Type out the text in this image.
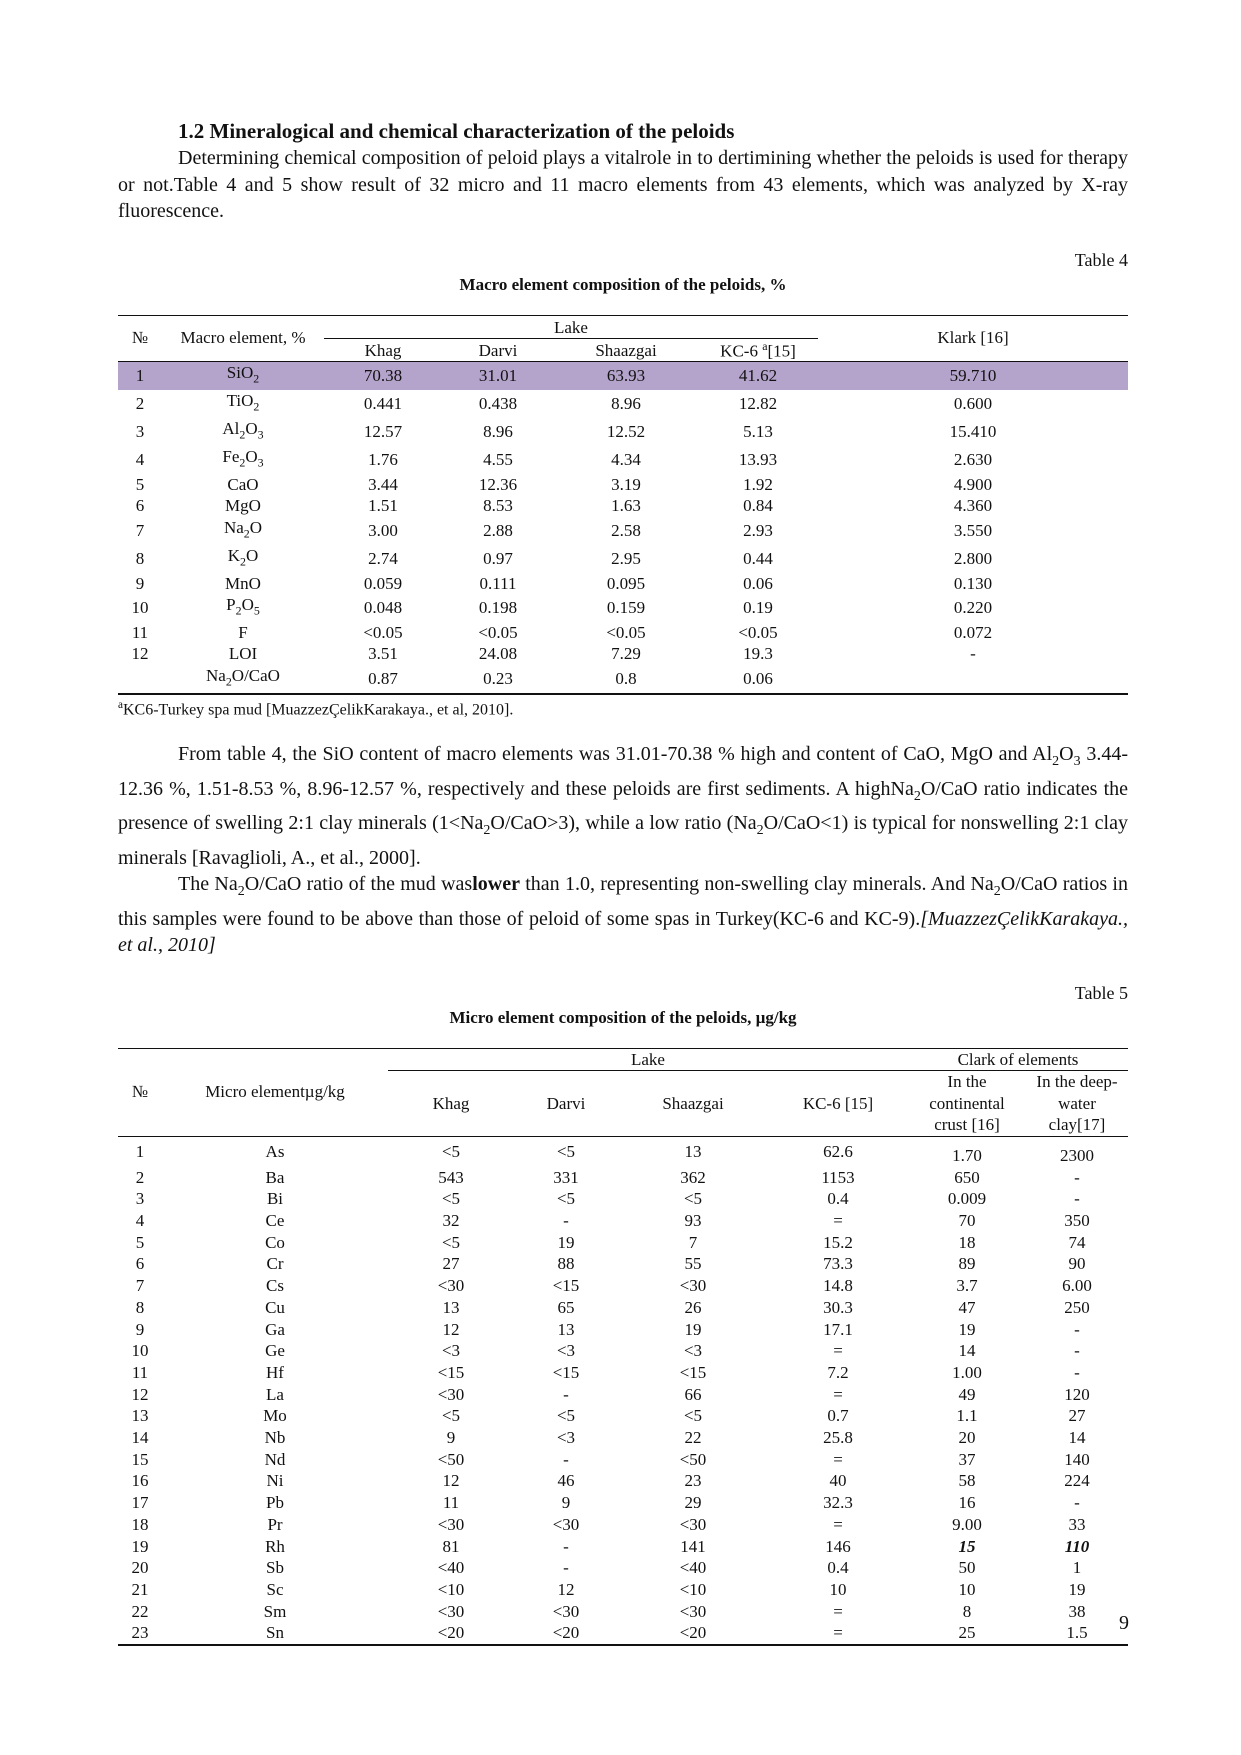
1.2 Mineralogical and chemical characterization of the peloids

Determining chemical composition of peloid plays a vitalrole in to dertimining whether the peloids is used for therapy or not.Table 4 and 5 show result of 32 micro and 11 macro elements from 43 elements, which was analyzed by X-ray fluorescence.

Table 4
Macro element composition of the peloids, %
№	Macro element, %	Lake				Klark [16]
		Khag	Darvi	Shaazgai	KC-6 $^a$[15]	
1	SiO$_2$	70.38	31.01	63.93	41.62	59.710
2	TiO$_2$	0.441	0.438	8.96	12.82	0.600
3	$Al_2O_3$	12.57	8.96	12.52	5.13	15.410
4	$Fe_2O_3$	1.76	4.55	4.34	13.93	2.630
5	CaO	3.44	12.36	3.19	1.92	4.900
6	MgO	1.51	8.53	1.63	0.84	4.360
7	$Na_2O$	3.00	2.88	2.58	2.93	3.550
8	$K_2O$	2.74	0.97	2.95	0.44	2.800
9	MnO	0.059	0.111	0.095	0.06	0.130
10	$P_2O_5$	0.048	0.198	0.159	0.19	0.220
11	F	<0.05	<0.05	<0.05	<0.05	0.072
12	LOI	3.51	24.08	7.29	19.3	-
	$Na_2O$/CaO	0.87	0.23	0.8	0.06	
$^a$KC6-Turkey spa mud [MuazzezÇelikKarakaya., et al, 2010].

From table 4, the SiO content of macro elements was 31.01-70.38 % high and content of CaO, MgO and $Al_2O_3$ 3.44-12.36 %, 1.51-8.53 %, 8.96-12.57 %, respectively and these peloids are first sediments. A highNa$_2$O/CaO ratio indicates the presence of swelling 2:1 clay minerals $(1<Na_2O/CaO>3)$, while a low ratio $(Na_2O/CaO<1)$ is typical for nonswelling 2:1 clay minerals [Ravaglioli, A., et al., 2000].

The $Na_2O$/CaO ratio of the mud waslower than 1.0, representing non-swelling clay minerals. And $Na_2O$/CaO ratios in this samples were found to be above than those of peloid of some spas in Turkey(KC-6 and KC-9).[MuazzezÇelikKarakaya., et al., 2010]

Table 5
Micro element composition of the peloids, µg/kg
№	Micro elementµg/kg	Lake				Clark of elements	
		Khag	Darvi	Shaazgai	KC-6 [15]	In the continental crust [16]	In the deep-water clay[17]
1	As	<5	<5	13	62.6	1.70	2300
2	Ba	543	331	362	1153	650	-
3	Bi	<5	<5	<5	0.4	0.009	-
4	Ce	32	-	93	=	70	350
5	Co	<5	19	7	15.2	18	74
6	Cr	27	88	55	73.3	89	90
7	Cs	<30	<15	<30	14.8	3.7	6.00
8	Cu	13	65	26	30.3	47	250
9	Ga	12	13	19	17.1	19	-
10	Ge	<3	<3	<3	=	14	-
11	Hf	<15	<15	<15	7.2	1.00	-
12	La	<30	-	66	=	49	120
13	Mo	<5	<5	<5	0.7	1.1	27
14	Nb	9	<3	22	25.8	20	14
15	Nd	<50	-	<50	=	37	140
16	Ni	12	46	23	40	58	224
17	Pb	11	9	29	32.3	16	-
18	Pr	<30	<30	<30	=	9.00	33
19	Rh	81	-	141	146	15	110
20	Sb	<40	-	<40	0.4	50	1
21	Sc	<10	12	<10	10	10	19
22	Sm	<30	<30	<30	=	8	38
23	Sn	<20	<20	<20	=	25	1.5 9
